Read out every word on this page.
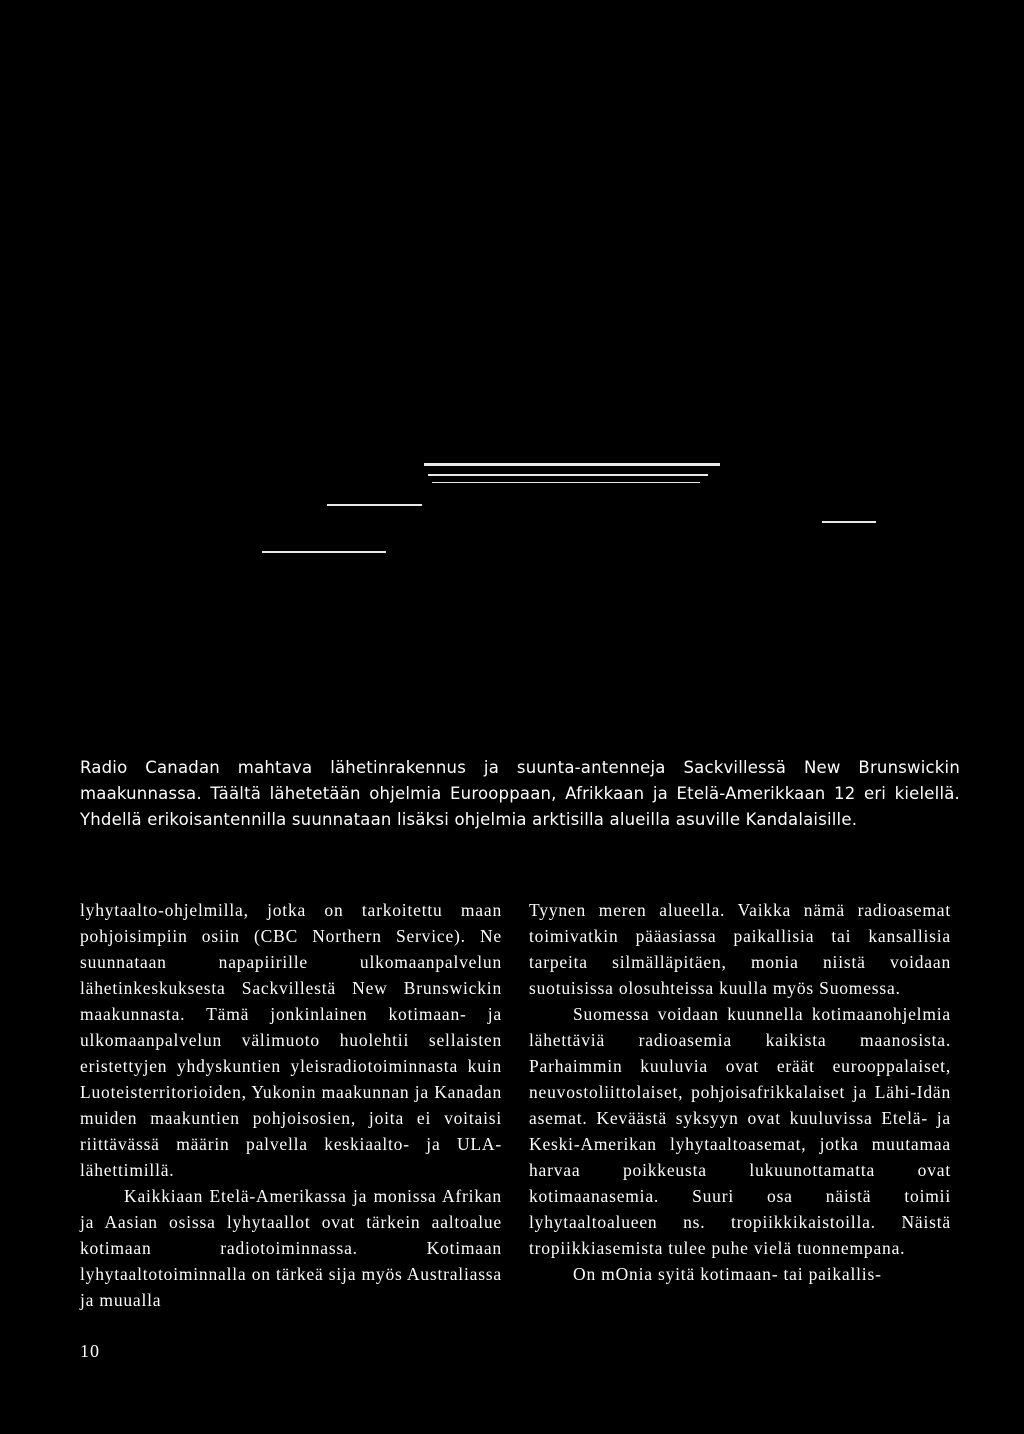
Radio Canadan mahtava lähetinrakennus ja suunta-antenneja Sackvillessä New Brunswickin maakunnassa. Täältä lähetetään ohjelmia Eurooppaan, Afrikkaan ja Etelä-Amerikkaan 12 eri kielellä. Yhdellä erikoisantennilla suunnataan lisäksi ohjelmia arktisilla alueilla asuville Kandalaisille.

lyhytaalto-ohjelmilla, jotka on tarkoitettu maan pohjoisimpiin osiin (CBC Northern Service). Ne suunnataan napapiirille ulkomaanpalvelun lähetinkeskuksesta Sackvillestä New Brunswickin maakunnasta. Tämä jonkinlainen kotimaan- ja ulkomaanpalvelun välimuoto huolehtii sellaisten eristettyjen yhdyskuntien yleisradiotoiminnasta kuin Luoteisterritorioiden, Yukonin maakunnan ja Kanadan muiden maakuntien pohjoisosien, joita ei voitaisi riittävässä määrin palvella keskiaalto- ja ULA-lähettimillä.

Kaikkiaan Etelä-Amerikassa ja monissa Afrikan ja Aasian osissa lyhytaallot ovat tärkein aaltoalue kotimaan radiotoiminnassa. Kotimaan lyhytaaltotoiminnalla on tärkeä sija myös Australiassa ja muualla

Tyynen meren alueella. Vaikka nämä radioasemat toimivatkin pääasiassa paikallisia tai kansallisia tarpeita silmälläpitäen, monia niistä voidaan suotuisissa olosuhteissa kuulla myös Suomessa.

Suomessa voidaan kuunnella kotimaanohjelmia lähettäviä radioasemia kaikista maanosista. Parhaimmin kuuluvia ovat eräät eurooppalaiset, neuvostoliittolaiset, pohjoisafrikkalaiset ja Lähi-Idän asemat. Keväästä syksyyn ovat kuuluvissa Etelä- ja Keski-Amerikan lyhytaaltoasemat, jotka muutamaa harvaa poikkeusta lukuunottamatta ovat kotimaanasemia. Suuri osa näistä toimii lyhytaaltoalueen ns. tropiikkikaistoilla. Näistä tropiikkiasemista tulee puhe vielä tuonnempana.

On mOnia syitä kotimaan- tai paikallis-

10
